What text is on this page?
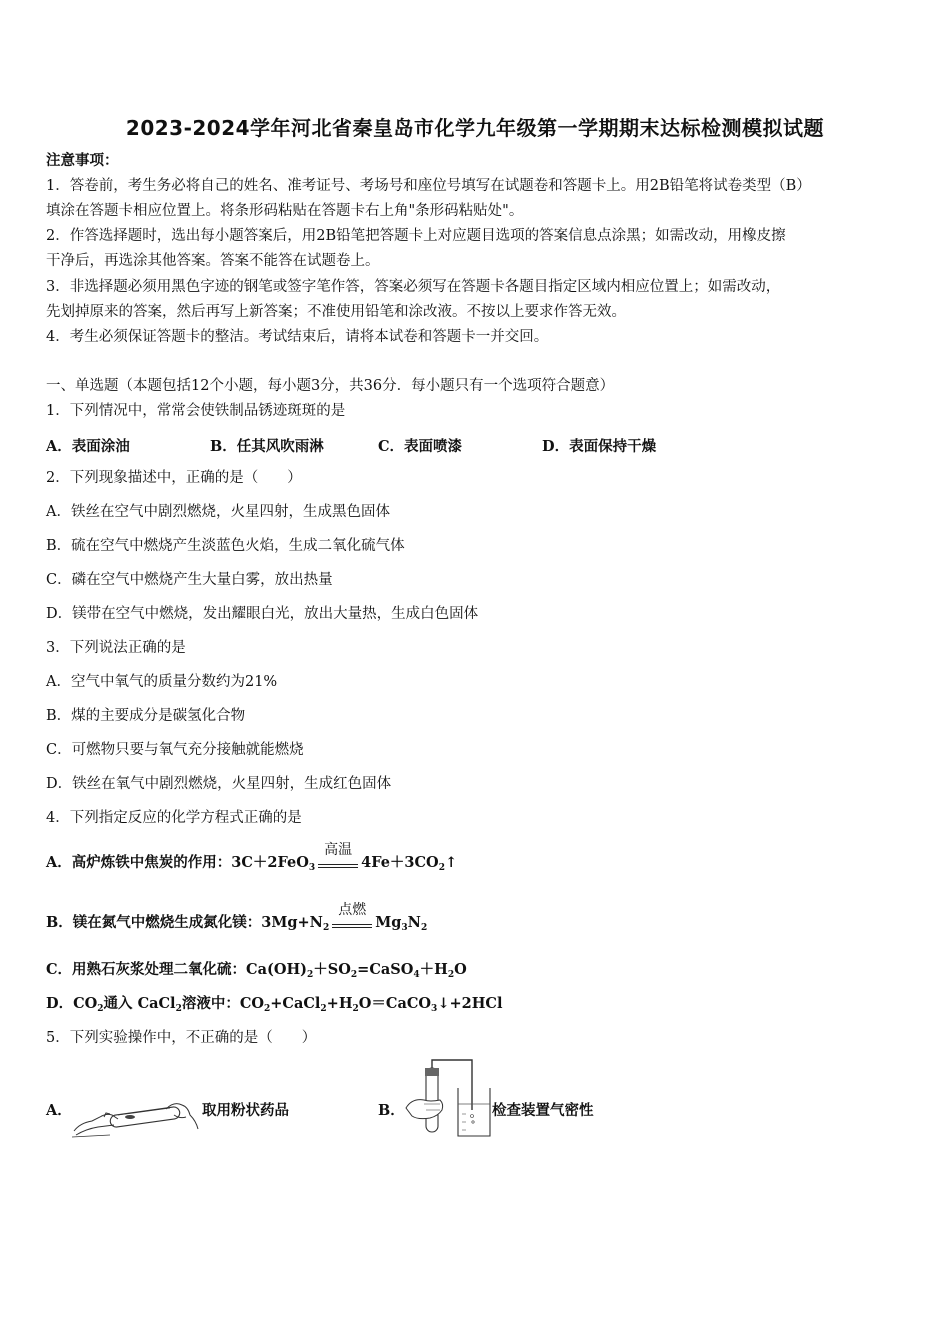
2023-2024学年河北省秦皇岛市化学九年级第一学期期末达标检测模拟试题
注意事项：
1．答卷前，考生务必将自己的姓名、准考证号、考场号和座位号填写在试题卷和答题卡上。用2B铅笔将试卷类型（B）
填涂在答题卡相应位置上。将条形码粘贴在答题卡右上角"条形码粘贴处"。
2．作答选择题时，选出每小题答案后，用2B铅笔把答题卡上对应题目选项的答案信息点涂黑；如需改动，用橡皮擦
干净后，再选涂其他答案。答案不能答在试题卷上。
3．非选择题必须用黑色字迹的钢笔或签字笔作答，答案必须写在答题卡各题目指定区域内相应位置上；如需改动，
先划掉原来的答案，然后再写上新答案；不准使用铅笔和涂改液。不按以上要求作答无效。
4．考生必须保证答题卡的整洁。考试结束后，请将本试卷和答题卡一并交回。
一、单选题（本题包括12个小题，每小题3分，共36分．每小题只有一个选项符合题意）
1．下列情况中，常常会使铁制品锈迹斑斑的是
A．表面涂油	B．任其风吹雨淋	C．表面喷漆	D．表面保持干燥
2．下列现象描述中，正确的是（　　）
A．铁丝在空气中剧烈燃烧，火星四射，生成黑色固体
B．硫在空气中燃烧产生淡蓝色火焰，生成二氧化硫气体
C．磷在空气中燃烧产生大量白雾，放出热量
D．镁带在空气中燃烧，发出耀眼白光，放出大量热，生成白色固体
3．下列说法正确的是
A．空气中氧气的质量分数约为21%
B．煤的主要成分是碳氢化合物
C．可燃物只要与氧气充分接触就能燃烧
D．铁丝在氧气中剧烈燃烧，火星四射，生成红色固体
4．下列指定反应的化学方程式正确的是
A．高炉炼铁中焦炭的作用：3C＋2FeO$_3$
高温
$4Fe+3CO_2↑$
B．镁在氮气中燃烧生成氮化镁：$3Mg+N_2$
点燃
$Mg_3N_2$
C．用熟石灰浆处理二氧化硫：$Ca(OH)_2+SO_2=CaSO_4+H_2O$
D．$CO_2$通入 CaCl$_2$溶液中：$CO_2+CaCl_2+H_2O=CaCO_3↓+2HCl$
5．下列实验操作中，不正确的是（　　）
A．	取用粉状药品	B．	检查装置气密性
